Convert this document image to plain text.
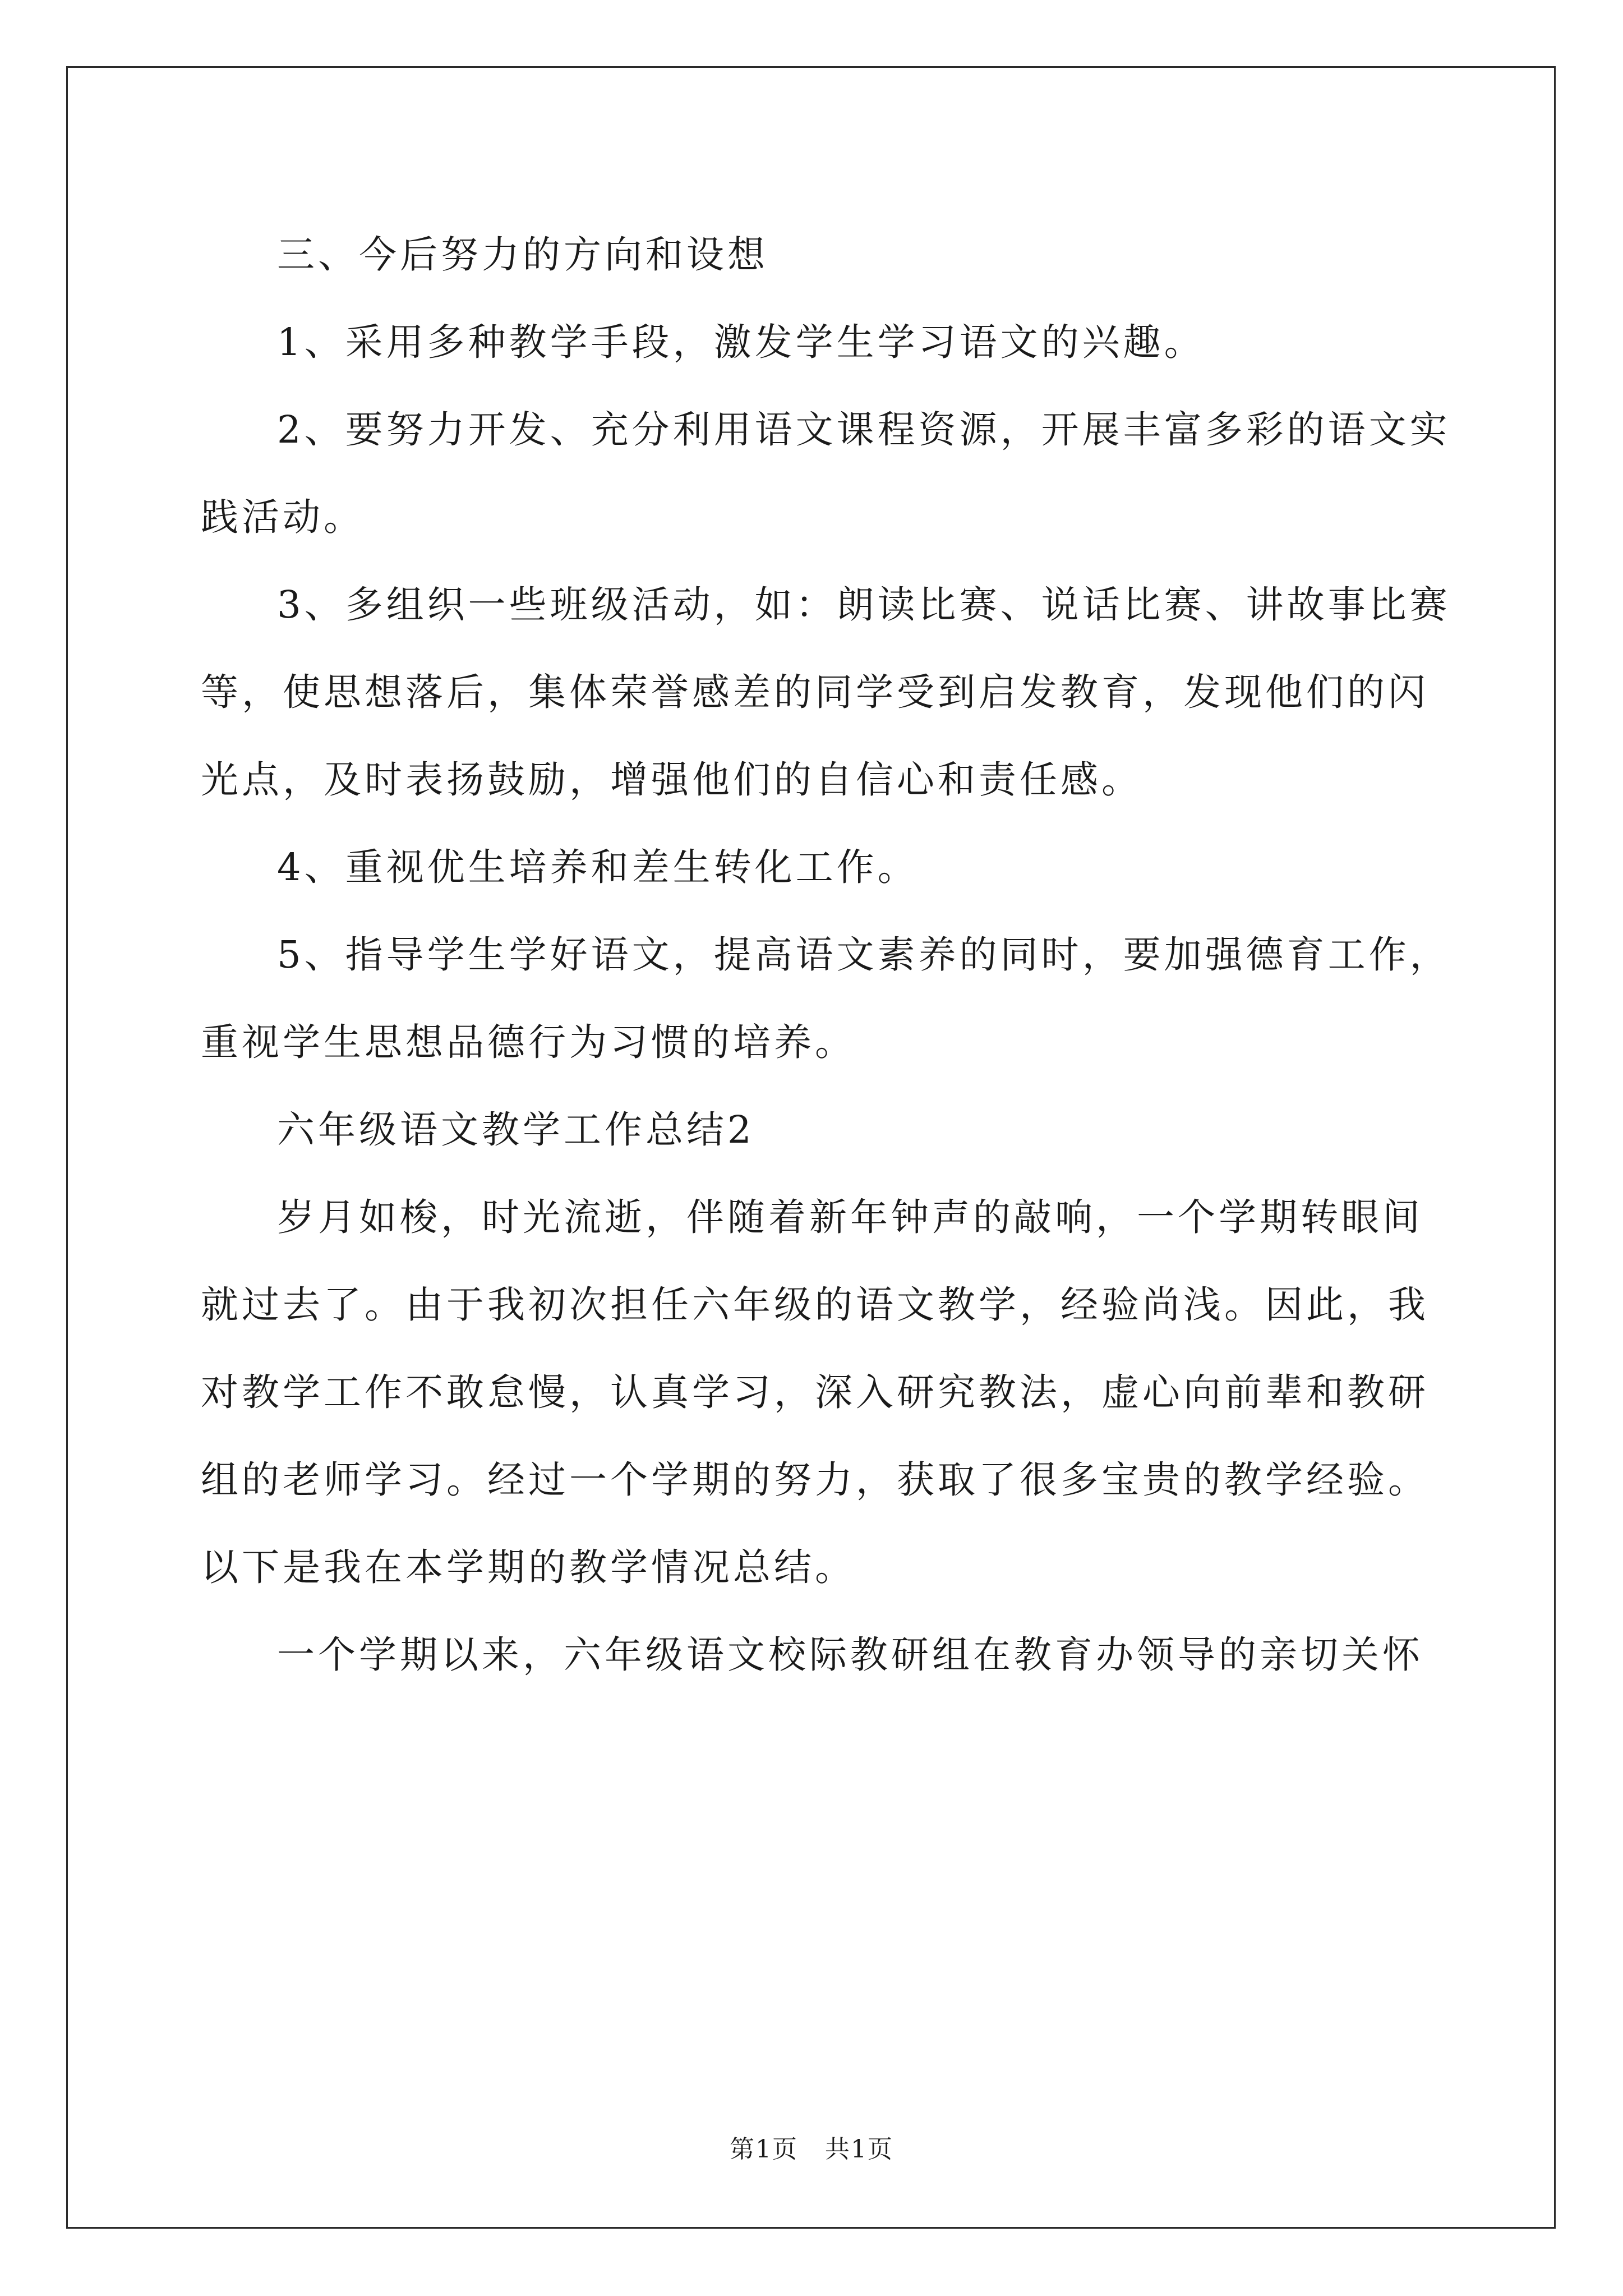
三、今后努力的方向和设想

1、采用多种教学手段，激发学生学习语文的兴趣。

2、要努力开发、充分利用语文课程资源，开展丰富多彩的语文实

践活动。

3、多组织一些班级活动，如：朗读比赛、说话比赛、讲故事比赛

等，使思想落后，集体荣誉感差的同学受到启发教育，发现他们的闪

光点，及时表扬鼓励，增强他们的自信心和责任感。

4、重视优生培养和差生转化工作。

5、指导学生学好语文，提高语文素养的同时，要加强德育工作，

重视学生思想品德行为习惯的培养。

六年级语文教学工作总结2

岁月如梭，时光流逝，伴随着新年钟声的敲响，一个学期转眼间

就过去了。由于我初次担任六年级的语文教学，经验尚浅。因此，我

对教学工作不敢怠慢，认真学习，深入研究教法，虚心向前辈和教研

组的老师学习。经过一个学期的努力，获取了很多宝贵的教学经验。

以下是我在本学期的教学情况总结。

一个学期以来，六年级语文校际教研组在教育办领导的亲切关怀

第1页   共1页
